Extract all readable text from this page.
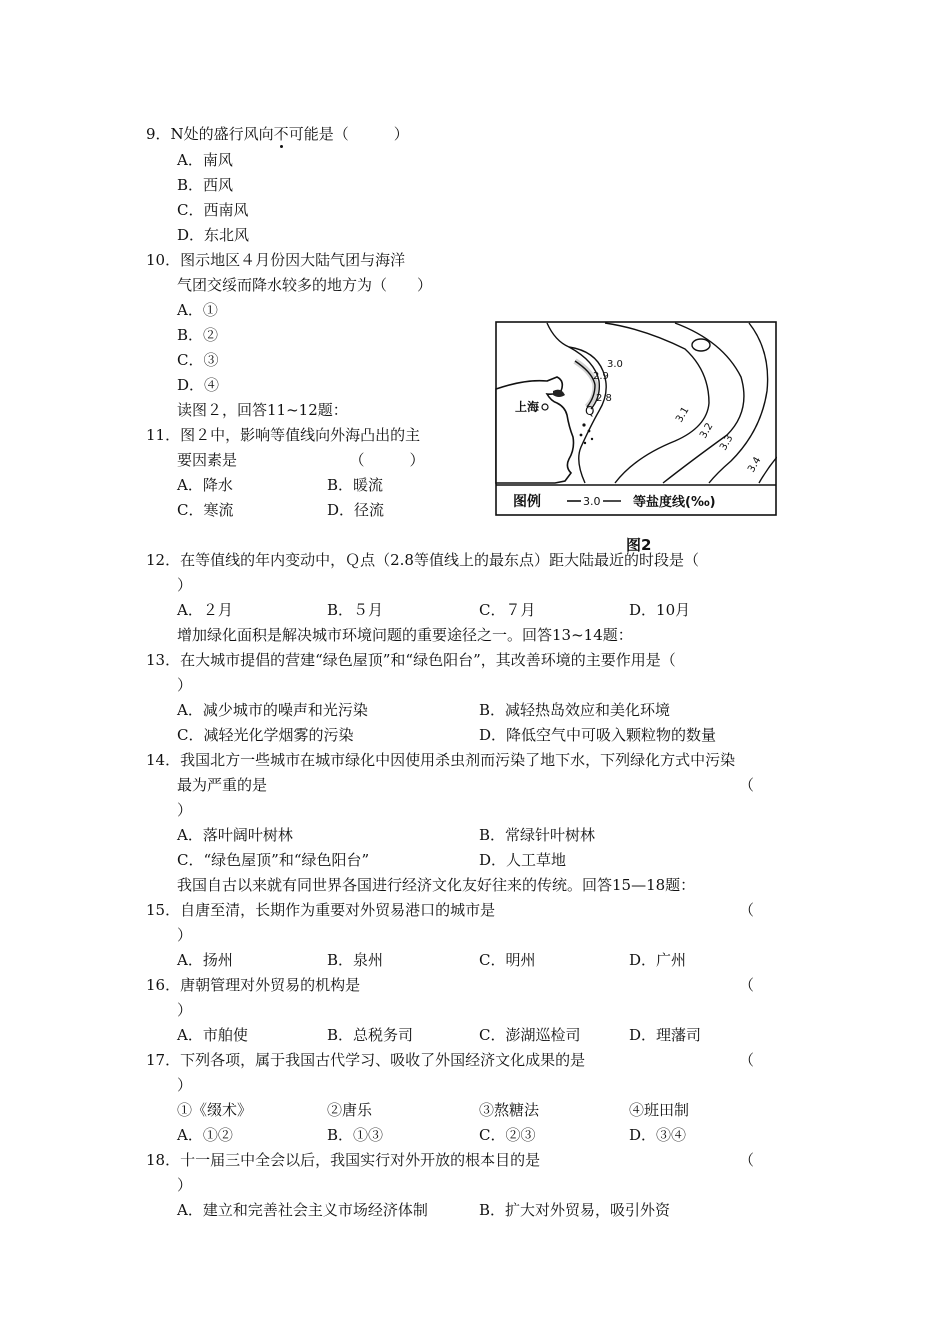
9．N处的盛行风向不可能是（　　　）
A．南风
B．西风
C．西南风
D．东北风
10．图示地区４月份因大陆气团与海洋
气团交绥而降水较多的地方为（　　）
A．①
B．②
C．③
D．④
读图２，回答11~12题：
11．图２中，影响等值线向外海凸出的主
要因素是　　　　　　　　（　　　）
A．降水	B．暖流
C．寒流	D．径流
上海	Q
3.0
2.9
2.8
3.1
3.2
3.3
3.4
图例	3.0	等盐度线(‰)
图2
12．在等值线的年内变动中，Ｑ点（2.8等值线上的最东点）距大陆最近的时段是（
）
A．２月	B．５月	C．７月	D．10月
增加绿化面积是解决城市环境问题的重要途径之一。回答13~14题：
13．在大城市提倡的营建“绿色屋顶”和“绿色阳台”，其改善环境的主要作用是（
）
A．减少城市的噪声和光污染	B．减轻热岛效应和美化环境
C．减轻光化学烟雾的污染	D．降低空气中可吸入颗粒物的数量
14．我国北方一些城市在城市绿化中因使用杀虫剂而污染了地下水，下列绿化方式中污染
最为严重的是	（
）
A．落叶阔叶树林	B．常绿针叶树林
C．“绿色屋顶”和“绿色阳台”	D．人工草地
我国自古以来就有同世界各国进行经济文化友好往来的传统。回答15—18题：
15．自唐至清，长期作为重要对外贸易港口的城市是	（
）
A．扬州	B．泉州	C．明州	D．广州
16．唐朝管理对外贸易的机构是	（
）
A．市舶使	B．总税务司	C．澎湖巡检司	D．理藩司
17．下列各项，属于我国古代学习、吸收了外国经济文化成果的是	（
）
①《缀术》	②唐乐	③熬糖法	④班田制
A．①②	B．①③	C．②③	D．③④
18．十一届三中全会以后，我国实行对外开放的根本目的是	（
）
A．建立和完善社会主义市场经济体制	B．扩大对外贸易，吸引外资
